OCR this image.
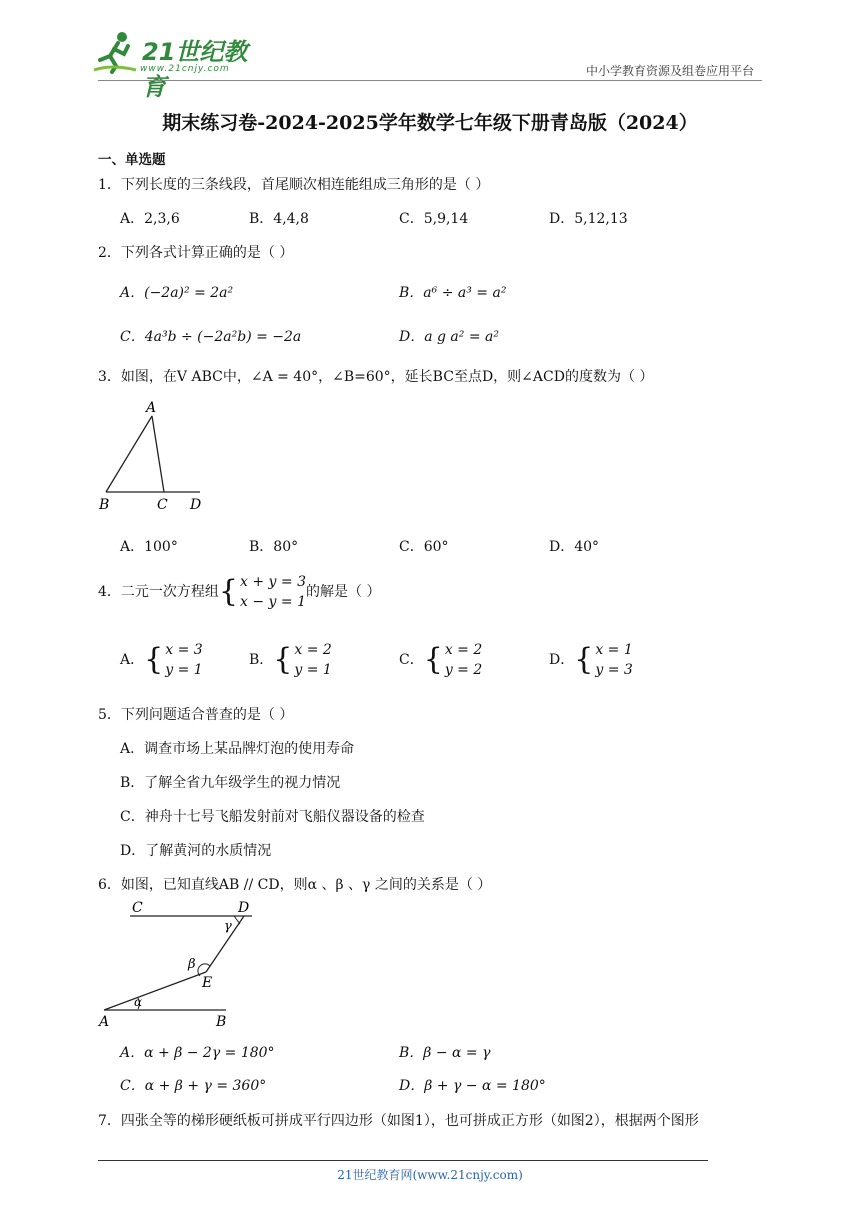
21世纪教育
www.21cnjy.com	中小学教育资源及组卷应用平台
期末练习卷-2024-2025学年数学七年级下册青岛版（2024）
一、单选题
1．下列长度的三条线段，首尾顺次相连能组成三角形的是（ ）
A．2,3,6	B．4,4,8	C．5,9,14	D．5,12,13
2．下列各式计算正确的是（ ）
A．(−2a)² = 2a²	B．a⁶ ÷ a³ = a²
C．4a³b ÷ (−2a²b) = −2a	D．a g a² = a²
3．如图，在V ABC中，∠A = 40°，∠B=60°，延长BC至点D，则∠ACD的度数为（ ）
A
B	C D
A．100°	B．80°	C．60°	D．40°
4．二元一次方程组{ x + y = 3
x − y = 1的解是（ ）
A．{ x = 3
y = 1
B．{ x = 2
y = 1
C．{ x = 2
y = 2
D．{ x = 1
y = 3
5．下列问题适合普查的是（ ）
A．调查市场上某品牌灯泡的使用寿命
B．了解全省九年级学生的视力情况
C．神舟十七号飞船发射前对飞船仪器设备的检查
D．了解黄河的水质情况
6．如图，已知直线AB // CD，则α 、β 、γ 之间的关系是（ ）
C	D
γ
β
E
α
A	B
A．α + β − 2γ = 180°	B．β − α = γ
C．α + β + γ = 360°	D．β + γ − α = 180°
7．四张全等的梯形硬纸板可拼成平行四边形（如图1），也可拼成正方形（如图2），根据两个图形
21世纪教育网(www.21cnjy.com)
